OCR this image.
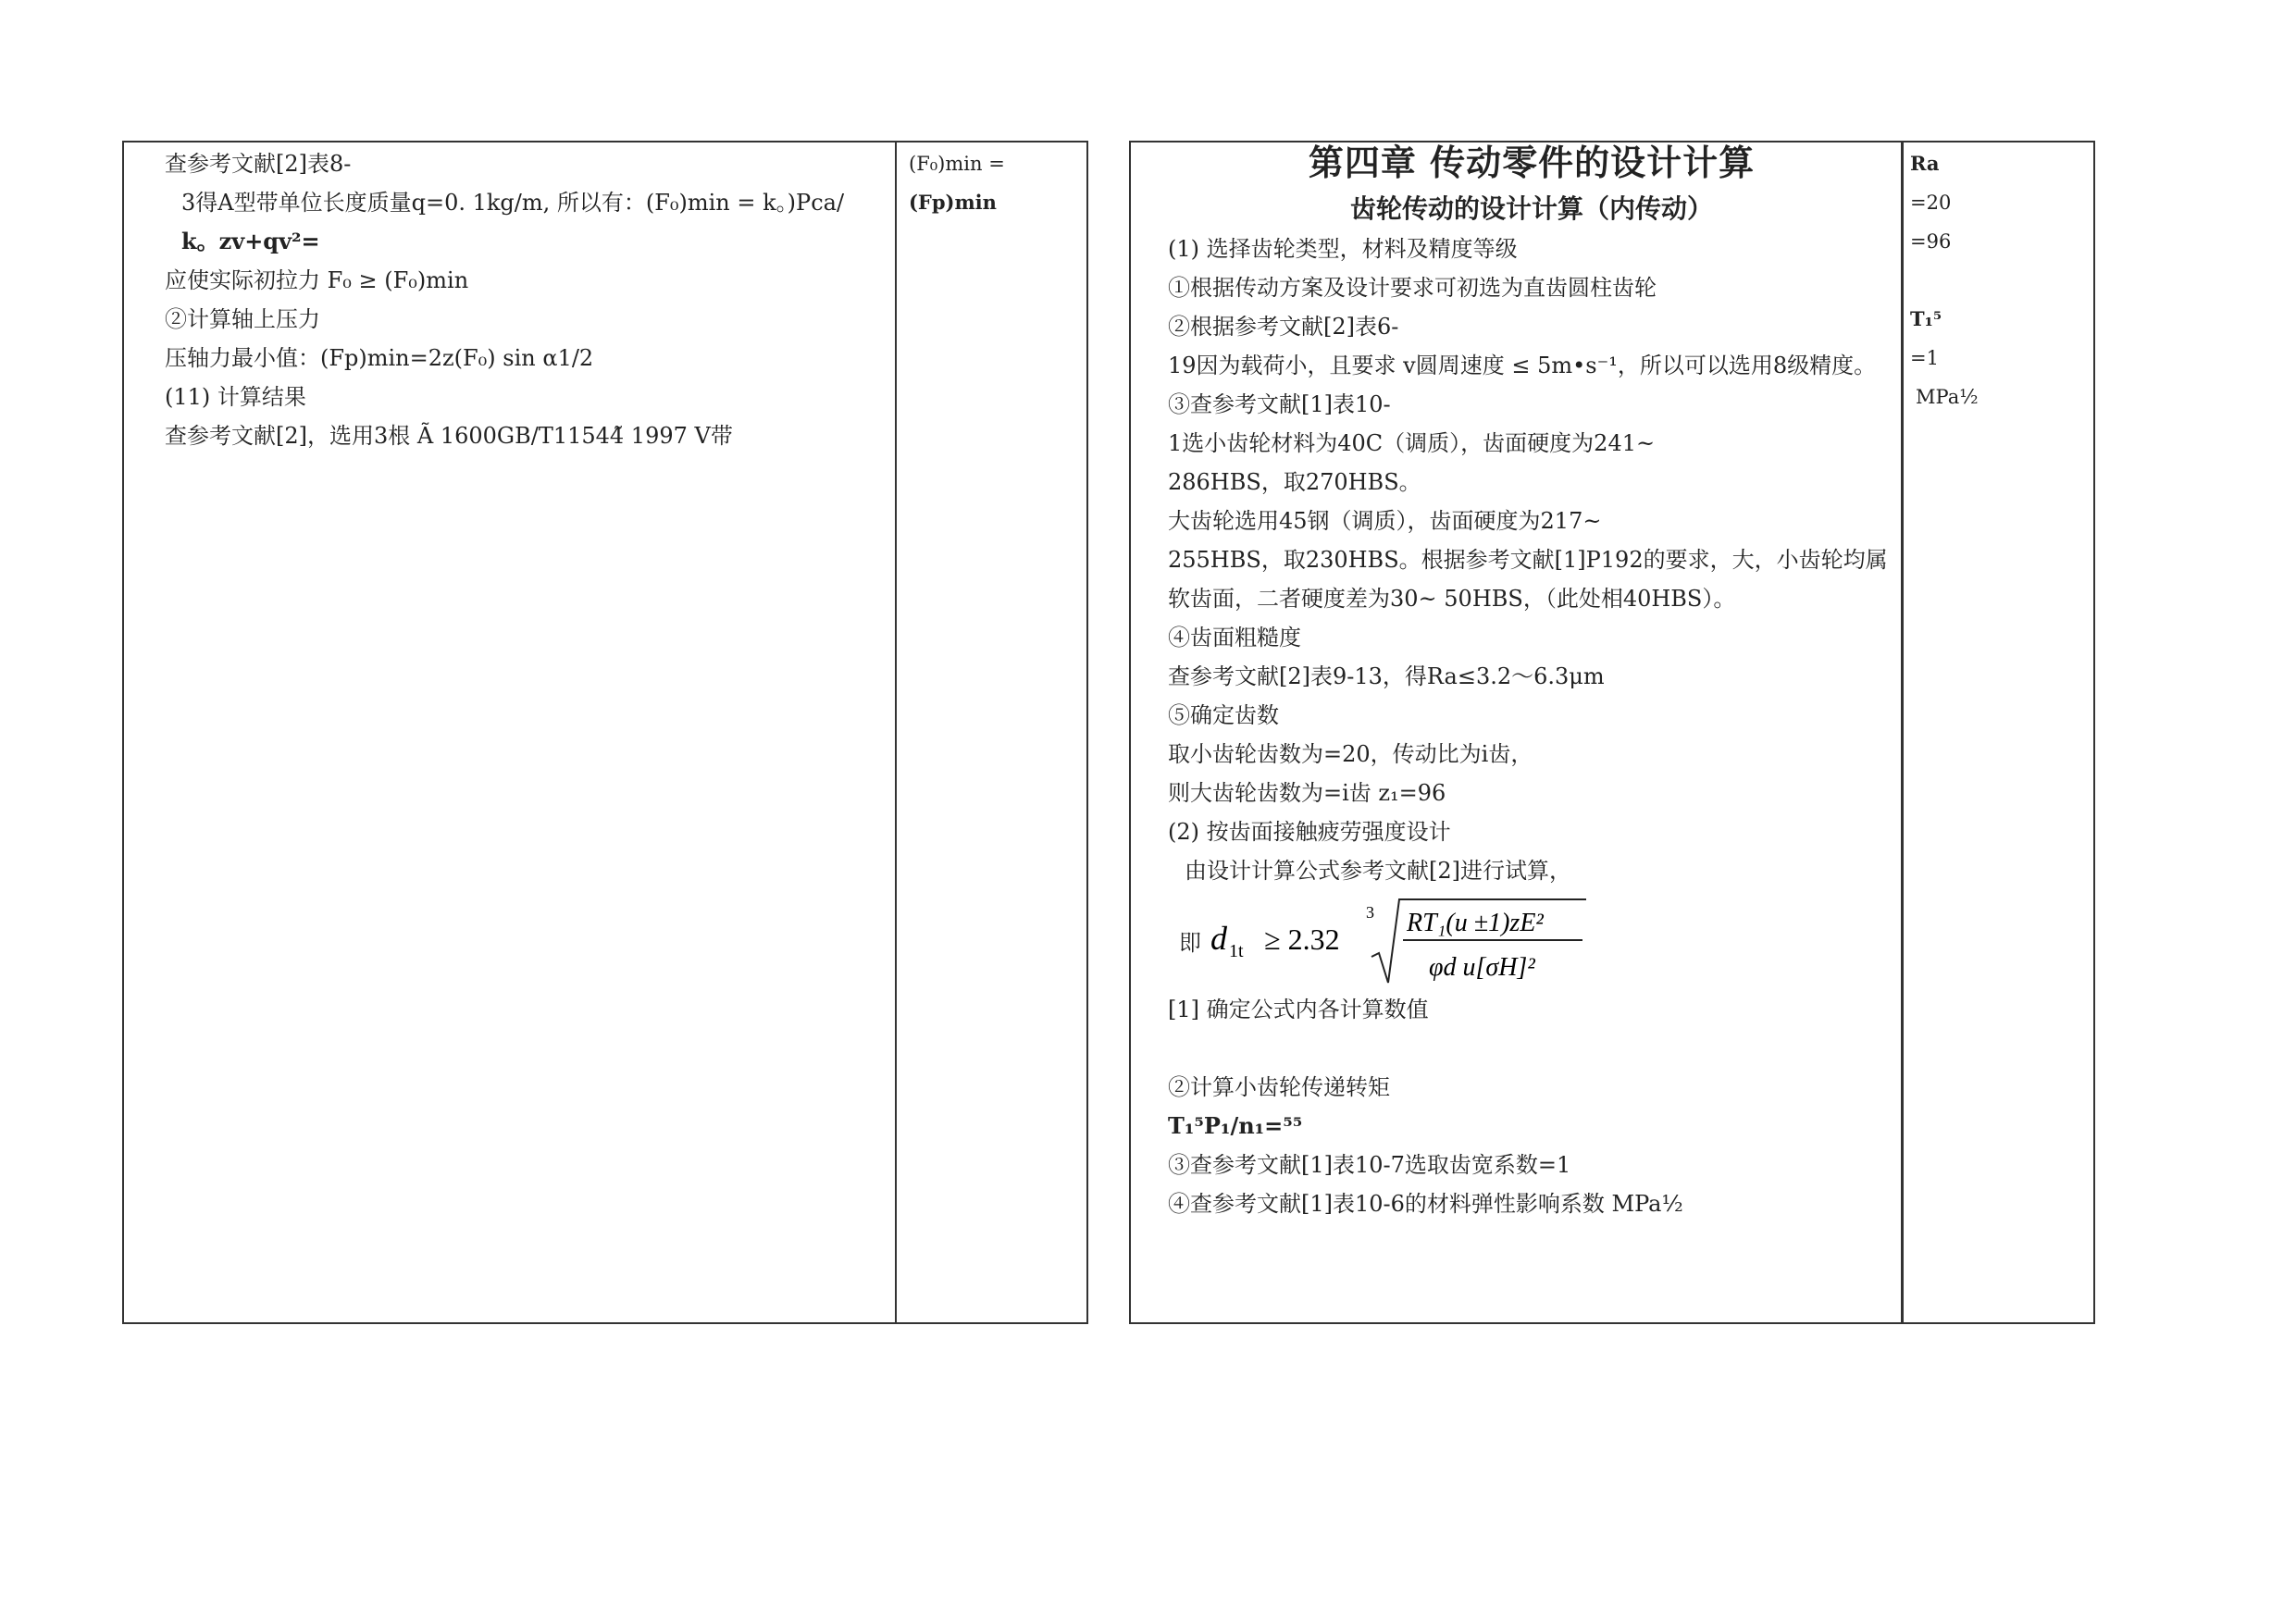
查参考文献[2]表8-
3得A型带单位长度质量q=0. 1kg/m, 所以有：(F₀)min = k。)Pca/
k。zv+qv²=
应使实际初拉力 F₀ ≥ (F₀)min
②计算轴上压力
压轴力最小值：(Fp)min=2z(F₀) sin α1/2
(11) 计算结果
查参考文献[2]，选用3根 Ã 1600GB/T11544̃ 1997 V带
(F₀)min =
(Fp)min
第四章 传动零件的设计计算
齿轮传动的设计计算（内传动）
(1) 选择齿轮类型，材料及精度等级
①根据传动方案及设计要求可初选为直齿圆柱齿轮
②根据参考文献[2]表6-
19因为载荷小，且要求 v圆周速度 ≤ 5m•s⁻¹，所以可以选用8级精度。
③查参考文献[1]表10-
1选小齿轮材料为40C（调质），齿面硬度为241~
286HBS，取270HBS。
大齿轮选用45钢（调质），齿面硬度为217~
255HBS，取230HBS。根据参考文献[1]P192的要求，大，小齿轮均属
软齿面，二者硬度差为30~ 50HBS，（此处相40HBS）。
④齿面粗糙度
查参考文献[2]表9-13，得Ra≤3.2～6.3μm
⑤确定齿数
取小齿轮齿数为=20，传动比为i齿，
则大齿轮齿数为=i齿 z₁=96
(2) 按齿面接触疲劳强度设计
由设计计算公式参考文献[2]进行试算，
即 d 1t ≥ 2.32
3 RT₁(u ±1)zE²
φd u[σH]²
[1] 确定公式内各计算数值
②计算小齿轮传递转矩
T₁⁵P₁/n₁=⁵⁵
③查参考文献[1]表10-7选取齿宽系数=1
④查参考文献[1]表10-6的材料弹性影响系数 MPa½
Ra
=20
=96
T₁⁵
=1
MPa½
